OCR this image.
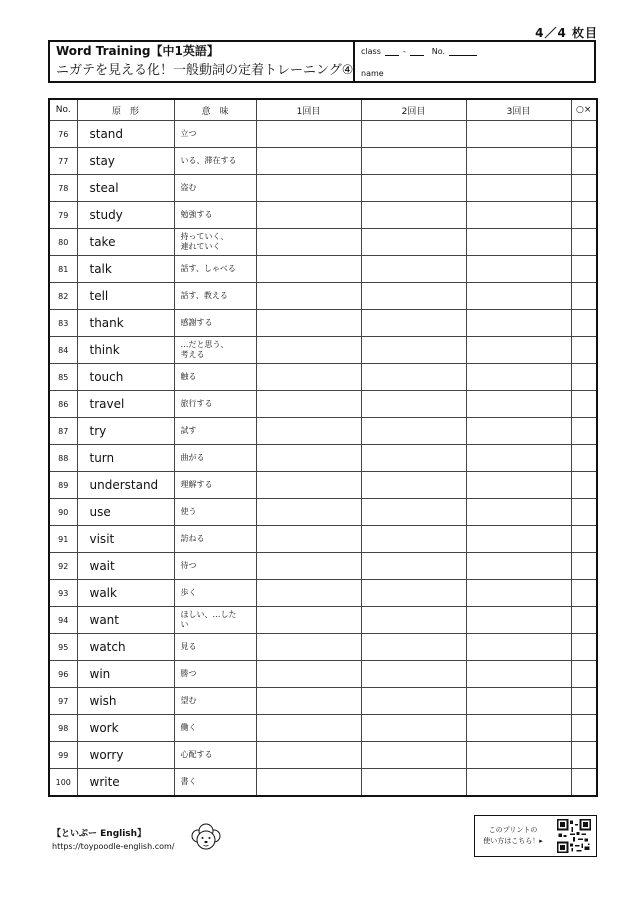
4／4 枚目
Word Training【中1英語】
ニガテを見える化！一般動詞の定着トレーニング④
class	-	No.
name
No.	原　形	意　味	1回目	2回目	3回目	○×
76	stand	立つ				
77	stay	いる、滞在する				
78	steal	盗む				
79	study	勉強する				
80	take	持っていく、
連れていく				
81	talk	話す、しゃべる				
82	tell	話す、教える				
83	thank	感謝する				
84	think	…だと思う、
考える				
85	touch	触る				
86	travel	旅行する				
87	try	試す				
88	turn	曲がる				
89	understand	理解する				
90	use	使う				
91	visit	訪ねる				
92	wait	待つ				
93	walk	歩く				
94	want	ほしい、…した
い				
95	watch	見る				
96	win	勝つ				
97	wish	望む				
98	work	働く				
99	worry	心配する				
100	write	書く				
【といぷー English】
https://toypoodle-english.com/
このプリントの
使い方はこちら！▸
